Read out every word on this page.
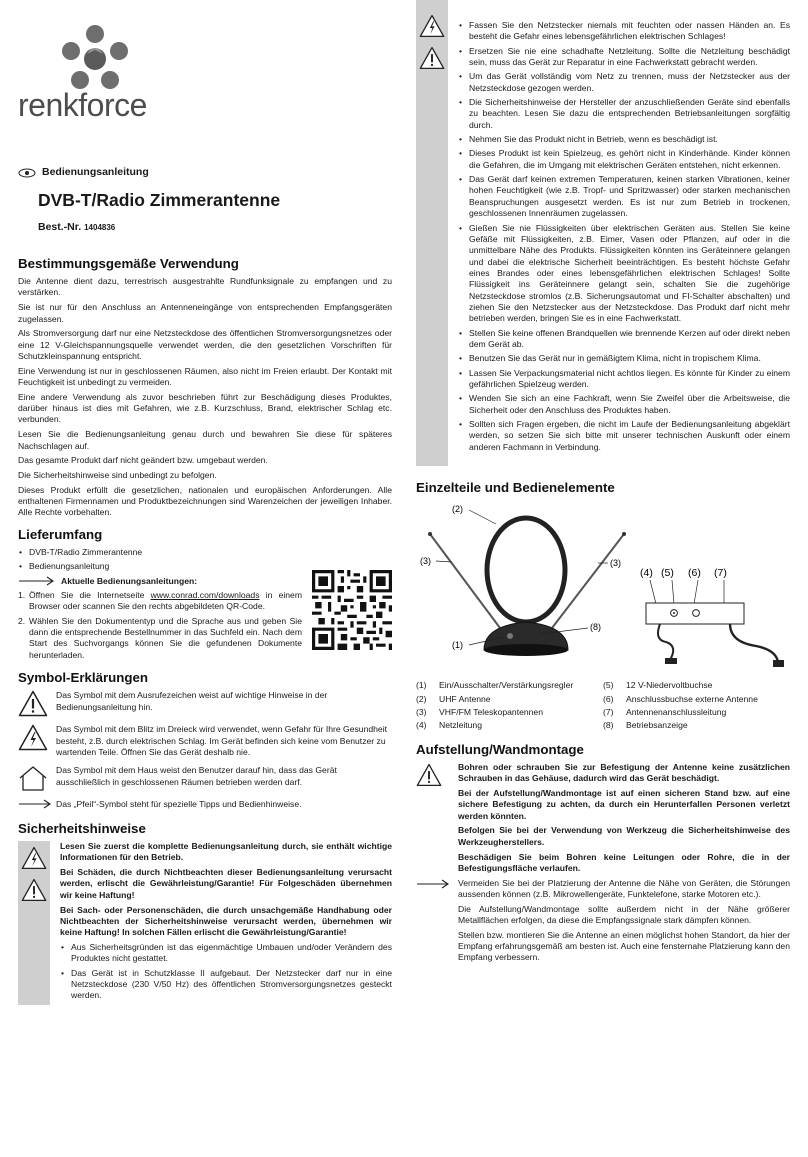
renkforce
Bedienungsanleitung
DVB-T/Radio Zimmerantenne
Best.-Nr. 1404836
Bestimmungsgemäße Verwendung

Die Antenne dient dazu, terrestrisch ausgestrahlte Rundfunksignale zu empfangen und zu verstärken.

Sie ist nur für den Anschluss an Antenneneingänge von entsprechenden Empfangsgeräten zugelassen.

Als Stromversorgung darf nur eine Netzsteckdose des öffentlichen Stromversorgungsnetzes oder eine 12 V-Gleichspannungsquelle verwendet werden, die den gesetzlichen Vorschriften für Schutzkleinspannung entspricht.

Eine Verwendung ist nur in geschlossenen Räumen, also nicht im Freien erlaubt. Der Kontakt mit Feuchtigkeit ist unbedingt zu vermeiden.

Eine andere Verwendung als zuvor beschrieben führt zur Beschädigung dieses Produktes, darüber hinaus ist dies mit Gefahren, wie z.B. Kurzschluss, Brand, elektrischer Schlag etc. verbunden.

Lesen Sie die Bedienungsanleitung genau durch und bewahren Sie diese für späteres Nachschlagen auf.

Das gesamte Produkt darf nicht geändert bzw. umgebaut werden.

Die Sicherheitshinweise sind unbedingt zu befolgen.

Dieses Produkt erfüllt die gesetzlichen, nationalen und europäischen Anforderungen. Alle enthaltenen Firmennamen und Produktbezeichnungen sind Warenzeichen der jeweiligen Inhaber. Alle Rechte vorbehalten.

Lieferumfang
• DVB-T/Radio Zimmerantenne
• Bedienungsanleitung
Aktuelle Bedienungsanleitungen:
1. Öffnen Sie die Internetseite www.conrad.com/downloads in einem Browser oder scannen Sie den rechts abgebildeten QR-Code.
2. Wählen Sie den Dokumententyp und die Sprache aus und geben Sie dann die entsprechende Bestellnummer in das Suchfeld ein. Nach dem Start des Suchvorgangs können Sie die gefundenen Dokumente herunterladen.
Symbol-Erklärungen
Das Symbol mit dem Ausrufezeichen weist auf wichtige Hinweise in der Bedienungsanleitung hin.
Das Symbol mit dem Blitz im Dreieck wird verwendet, wenn Gefahr für Ihre Gesundheit besteht, z.B. durch elektrischen Schlag. Im Gerät befinden sich keine vom Benutzer zu wartenden Teile. Öffnen Sie das Gerät deshalb nie.
Das Symbol mit dem Haus weist den Benutzer darauf hin, dass das Gerät ausschließlich in geschlossenen Räumen betrieben werden darf.
Das „Pfeil“-Symbol steht für spezielle Tipps und Bedienhinweise.
Sicherheitshinweise

Lesen Sie zuerst die komplette Bedienungsanleitung durch, sie enthält wichtige Informationen für den Betrieb.

Bei Schäden, die durch Nichtbeachten dieser Bedienungsanleitung verursacht werden, erlischt die Gewährleistung/Garantie! Für Folgeschäden übernehmen wir keine Haftung!

Bei Sach- oder Personenschäden, die durch unsachgemäße Handhabung oder Nichtbeachten der Sicherheitshinweise verursacht werden, übernehmen wir keine Haftung! In solchen Fällen erlischt die Gewährleistung/Garantie!

• Aus Sicherheitsgründen ist das eigenmächtige Umbauen und/oder Verändern des Produktes nicht gestattet.
• Das Gerät ist in Schutzklasse II aufgebaut. Der Netzstecker darf nur in eine Netzsteckdose (230 V/50 Hz) des öffentlichen Stromversorgungsnetzes gesteckt werden.
• Fassen Sie den Netzstecker niemals mit feuchten oder nassen Händen an. Es besteht die Gefahr eines lebensgefährlichen elektrischen Schlages!
• Ersetzen Sie nie eine schadhafte Netzleitung. Sollte die Netzleitung beschädigt sein, muss das Gerät zur Reparatur in eine Fachwerkstatt gebracht werden.
• Um das Gerät vollständig vom Netz zu trennen, muss der Netzstecker aus der Netzsteckdose gezogen werden.
• Die Sicherheitshinweise der Hersteller der anzuschließenden Geräte sind ebenfalls zu beachten. Lesen Sie dazu die entsprechenden Betriebsanleitungen sorgfältig durch.
• Nehmen Sie das Produkt nicht in Betrieb, wenn es beschädigt ist.
• Dieses Produkt ist kein Spielzeug, es gehört nicht in Kinderhände. Kinder können die Gefahren, die im Umgang mit elektrischen Geräten entstehen, nicht erkennen.
• Das Gerät darf keinen extremen Temperaturen, keinen starken Vibrationen, keiner hohen Feuchtigkeit (wie z.B. Tropf- und Spritzwasser) oder starken mechanischen Beanspruchungen ausgesetzt werden. Es ist nur zum Betrieb in trockenen, geschlossenen Innenräumen zugelassen.
• Gießen Sie nie Flüssigkeiten über elektrischen Geräten aus. Stellen Sie keine Gefäße mit Flüssigkeiten, z.B. Eimer, Vasen oder Pflanzen, auf oder in die unmittelbare Nähe des Produkts. Flüssigkeiten könnten ins Geräteinnere gelangen und dabei die elektrische Sicherheit beeinträchtigen. Es besteht höchste Gefahr eines Brandes oder eines lebensgefährlichen elektrischen Schlages! Sollte Flüssigkeit ins Geräteinnere gelangt sein, schalten Sie die zugehörige Netzsteckdose stromlos (z.B. Sicherungsautomat und FI-Schalter abschalten) und ziehen Sie den Netzstecker aus der Netzsteckdose. Das Produkt darf nicht mehr betrieben werden, bringen Sie es in eine Fachwerkstatt.
• Stellen Sie keine offenen Brandquellen wie brennende Kerzen auf oder direkt neben dem Gerät ab.
• Benutzen Sie das Gerät nur in gemäßigtem Klima, nicht in tropischem Klima.
• Lassen Sie Verpackungsmaterial nicht achtlos liegen. Es könnte für Kinder zu einem gefährlichen Spielzeug werden.
• Wenden Sie sich an eine Fachkraft, wenn Sie Zweifel über die Arbeitsweise, die Sicherheit oder den Anschluss des Produktes haben.
• Sollten sich Fragen ergeben, die nicht im Laufe der Bedienungsanleitung abgeklärt werden, so setzen Sie sich bitte mit unserer technischen Auskunft oder einem anderen Fachmann in Verbindung.
Einzelteile und Bedienelemente
(2)
(3)	(3)
(8)
(1)
(4) (5) (6) (7)
(1)	Ein/Ausschalter/Verstärkungsregler	(5)	12 V-Niedervoltbuchse
(2)	UHF Antenne	(6)	Anschlussbuchse externe Antenne
(3)	VHF/FM Teleskopantennen	(7)	Antennenanschlussleitung
(4)	Netzleitung	(8)	Betriebsanzeige
Aufstellung/Wandmontage

Bohren oder schrauben Sie zur Befestigung der Antenne keine zusätzlichen Schrauben in das Gehäuse, dadurch wird das Gerät beschädigt.

Bei der Aufstellung/Wandmontage ist auf einen sicheren Stand bzw. auf eine sichere Befestigung zu achten, da durch ein Herunterfallen Personen verletzt werden könnten.

Befolgen Sie bei der Verwendung von Werkzeug die Sicherheitshinweise des Werkzeugherstellers.

Beschädigen Sie beim Bohren keine Leitungen oder Rohre, die in der Befestigungsfläche verlaufen.

Vermeiden Sie bei der Platzierung der Antenne die Nähe von Geräten, die Störungen aussenden können (z.B. Mikrowellengeräte, Funktelefone, starke Motoren etc.).

Die Aufstellung/Wandmontage sollte außerdem nicht in der Nähe größerer Metallflächen erfolgen, da diese die Empfangssignale stark dämpfen können.

Stellen bzw. montieren Sie die Antenne an einen möglichst hohen Standort, da hier der Empfang erfahrungsgemäß am besten ist. Auch eine fensternahe Platzierung kann den Empfang verbessern.
